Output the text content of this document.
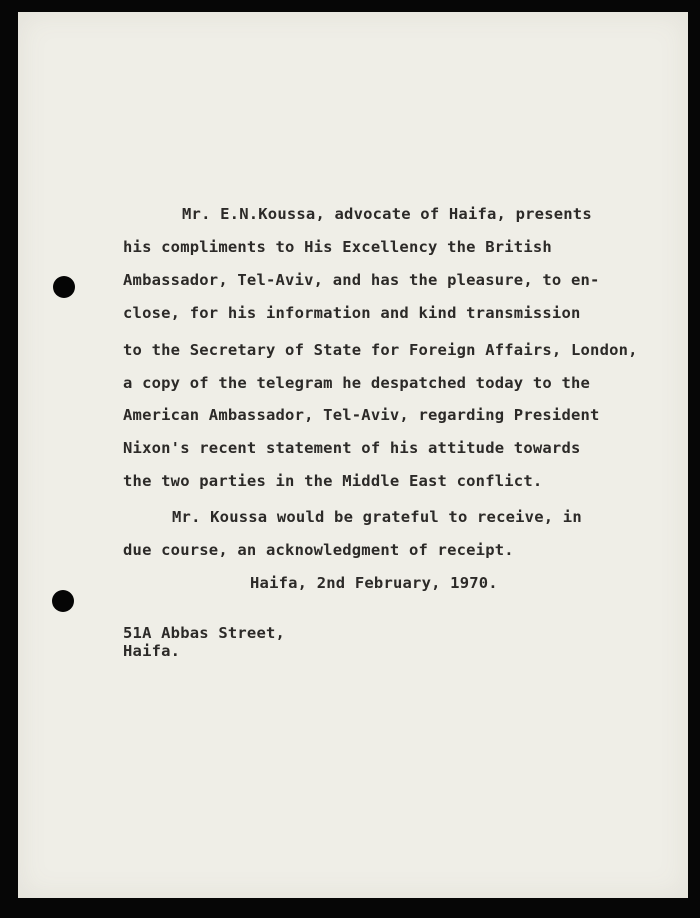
Mr. E.N.Koussa, advocate of Haifa, presents

his compliments to His Excellency the British

Ambassador, Tel-Aviv, and has the pleasure, to en-

close, for his information and kind transmission

to the Secretary of State for Foreign Affairs, London,

a copy of the telegram he despatched today to the

American Ambassador, Tel-Aviv, regarding President

Nixon's recent statement of his attitude towards

the two parties in the Middle East conflict.

Mr. Koussa would be grateful to receive, in

due course, an acknowledgment of receipt.

Haifa, 2nd February, 1970.

51A Abbas Street,

Haifa.
